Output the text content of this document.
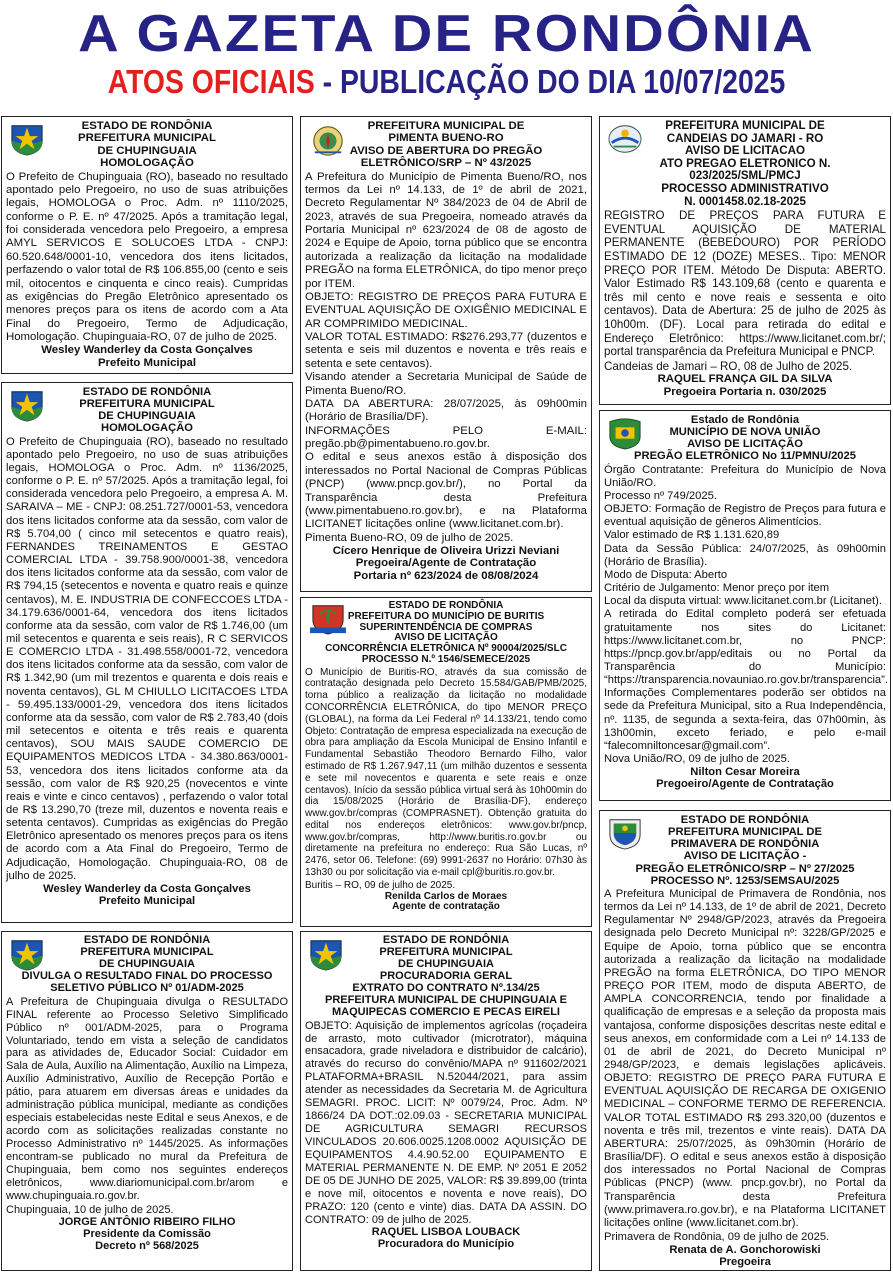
A GAZETA DE RONDÔNIA
ATOS OFICIAIS - PUBLICAÇÃO DO DIA 10/07/2025
ESTADO DE RONDÔNIA
PREFEITURA MUNICIPAL
DE CHUPINGUAIA
HOMOLOGAÇÃO
O Prefeito de Chupinguaia (RO), baseado no resultado apontado pelo Pregoeiro, no uso de suas atribuições legais, HOMOLOGA o Proc. Adm. nº 1110/2025, conforme o P. E. nº 47/2025. Após a tramitação legal, foi considerada vencedora pelo Pregoeiro, a empresa AMYL SERVICOS E SOLUCOES LTDA - CNPJ: 60.520.648/0001-10, vencedora dos itens licitados, perfazendo o valor total de R$ 106.855,00 (cento e seis mil, oitocentos e cinquenta e cinco reais). Cumpridas as exigências do Pregão Eletrônico apresentado os menores preços para os itens de acordo com a Ata Final do Pregoeiro, Termo de Adjudicação, Homologação. Chupinguaia-RO, 07 de julho de 2025.
Wesley Wanderley da Costa Gonçalves
Prefeito Municipal
ESTADO DE RONDÔNIA
PREFEITURA MUNICIPAL
DE CHUPINGUAIA
HOMOLOGAÇÃO
O Prefeito de Chupinguaia (RO), baseado no resultado apontado pelo Pregoeiro, no uso de suas atribuições legais, HOMOLOGA o Proc. Adm. nº 1136/2025, conforme o P. E. nº 57/2025. Após a tramitação legal, foi considerada vencedora pelo Pregoeiro, a empresa A. M. SARAIVA – ME - CNPJ: 08.251.727/0001-53, vencedora dos itens licitados conforme ata da sessão, com valor de R$ 5.704,00 ( cinco mil setecentos e quatro reais), FERNANDES TREINAMENTOS E GESTAO COMERCIAL LTDA - 39.758.900/0001-38, vencedora dos itens licitados conforme ata da sessão, com valor de R$ 794,15 (setecentos e noventa e quatro reais e quinze centavos), M. E. INDUSTRIA DE CONFECCOES LTDA - 34.179.636/0001-64, vencedora dos itens licitados conforme ata da sessão, com valor de R$ 1.746,00 (um mil setecentos e quarenta e seis reais), R C SERVICOS E COMERCIO LTDA - 31.498.558/0001-72, vencedora dos itens licitados conforme ata da sessão, com valor de R$ 1.342,90 (um mil trezentos e quarenta e dois reais e noventa centavos), GL M CHIULLO LICITACOES LTDA - 59.495.133/0001-29, vencedora dos itens licitados conforme ata da sessão, com valor de R$ 2.783,40 (dois mil setecentos e oitenta e três reais e quarenta centavos), SOU MAIS SAUDE COMERCIO DE EQUIPAMENTOS MEDICOS LTDA - 34.380.863/0001-53, vencedora dos itens licitados conforme ata da sessão, com valor de R$ 920,25 (novecentos e vinte reais e vinte e cinco centavos) , perfazendo o valor total de R$ 13.290,70 (treze mil, duzentos e noventa reais e setenta centavos). Cumpridas as exigências do Pregão Eletrônico apresentado os menores preços para os itens de acordo com a Ata Final do Pregoeiro, Termo de Adjudicação, Homologação. Chupinguaia-RO, 08 de julho de 2025.
Wesley Wanderley da Costa Gonçalves
Prefeito Municipal
ESTADO DE RONDÔNIA
PREFEITURA MUNICIPAL
DE CHUPINGUAIA
DIVULGA O RESULTADO FINAL DO PROCESSO
SELETIVO PÚBLICO Nº 01/ADM-2025
A Prefeitura de Chupinguaia divulga o RESULTADO FINAL referente ao Processo Seletivo Simplificado Público nº 001/ADM-2025, para o Programa Voluntariado, tendo em vista a seleção de candidatos para as atividades de, Educador Social: Cuidador em Sala de Aula, Auxílio na Alimentação, Auxílio na Limpeza, Auxílio Administrativo, Auxílio de Recepção Portão e pátio, para atuarem em diversas áreas e unidades da administração pública municipal, mediante as condições especiais estabelecidas neste Edital e seus Anexos, e de acordo com as solicitações realizadas constante no Processo Administrativo nº 1445/2025. As informações encontram-se publicado no mural da Prefeitura de Chupinguaia, bem como nos seguintes endereços eletrônicos, www.diariomunicipal.com.br/arom e www.chupinguaia.ro.gov.br.
Chupinguaia, 10 de julho de 2025.
JORGE ANTÔNIO RIBEIRO FILHO
Presidente da Comissão
Decreto nº 568/2025
PREFEITURA MUNICIPAL DE
PIMENTA BUENO-RO
AVISO DE ABERTURA DO PREGÃO
ELETRÔNICO/SRP – Nº 43/2025

A Prefeitura do Município de Pimenta Bueno/RO, nos termos da Lei nº 14.133, de 1º de abril de 2021, Decreto Regulamentar Nº 384/2023 de 04 de Abril de 2023, através de sua Pregoeira, nomeado através da Portaria Municipal nº 623/2024 de 08 de agosto de 2024 e Equipe de Apoio, torna público que se encontra autorizada a realização da licitação na modalidade PREGÃO na forma ELETRÔNICA, do tipo menor preço por ITEM.

OBJETO: REGISTRO DE PREÇOS PARA FUTURA E EVENTUAL AQUISIÇÃO DE OXIGÊNIO MEDICINAL E AR COMPRIMIDO MEDICINAL.

VALOR TOTAL ESTIMADO: R$276.293,77 (duzentos e setenta e seis mil duzentos e noventa e três reais e setenta e sete centavos).

Visando atender a Secretaria Municipal de Saúde de Pimenta Bueno/RO.

DATA DA ABERTURA: 28/07/2025, às 09h00min (Horário de Brasília/DF).

INFORMAÇÕES PELO E-MAIL: pregão.pb@pimentabueno.ro.gov.br.

O edital e seus anexos estão à disposição dos interessados no Portal Nacional de Compras Públicas (PNCP) (www.pncp.gov.br/), no Portal da Transparência desta Prefeitura (www.pimentabueno.ro.gov.br), e na Plataforma LICITANET licitações online (www.licitanet.com.br).

Pimenta Bueno-RO, 09 de julho de 2025.

Cícero Henrique de Oliveira Urizzi Neviani
Pregoeira/Agente de Contratação
Portaria nº 623/2024 de 08/08/2024
ESTADO DE RONDÔNIA
PREFEITURA DO MUNICÍPIO DE BURITIS
SUPERINTENDÊNCIA DE COMPRAS
AVISO DE LICITAÇÃO
CONCORRÊNCIA ELETRÔNICA Nº 90004/2025/SLC
PROCESSO N.º 1546/SEMECE/2025
O Município de Buritis-RO, através da sua comissão de contratação designada pelo Decreto 15.584/GAB/PMB/2025, torna público a realização da licitação no modalidade CONCORRÊNCIA ELETRÔNICA, do tipo MENOR PREÇO (GLOBAL), na forma da Lei Federal nº 14.133/21, tendo como Objeto: Contratação de empresa especializada na execução de obra para ampliação da Escola Municipal de Ensino Infantil e Fundamental Sebastião Theodoro Bernardo Filho, valor estimado de R$ 1.267.947,11 (um milhão duzentos e sessenta e sete mil novecentos e quarenta e sete reais e onze centavos). Início da sessão pública virtual será às 10h00min do dia 15/08/2025 (Horário de Brasília-DF), endereço www.gov.br/compras (COMPRASNET). Obtenção gratuita do edital nos endereços eletrônicos: www.gov.br/pncp, www.gov.br/compras, http://www.buritis.ro.gov.br ou diretamente na prefeitura no endereço: Rua São Lucas, nº 2476, setor 06. Telefone: (69) 9991-2637 no Horário: 07h30 às 13h30 ou por solicitação via e-mail cpl@buritis.ro.gov.br.
Buritis – RO, 09 de julho de 2025.
Renilda Carlos de Moraes
Agente de contratação
ESTADO DE RONDÔNIA
PREFEITURA MUNICIPAL
DE CHUPINGUAIA
PROCURADORIA GERAL
EXTRATO DO CONTRATO Nº.134/25
PREFEITURA MUNICIPAL DE CHUPINGUAIA E
MAQUIPECAS COMERCIO E PECAS EIRELI
OBJETO: Aquisição de implementos agrícolas (roçadeira de arrasto, moto cultivador (microtrator), máquina ensacadora, grade niveladora e distribuidor de calcário), através do recurso do convênio/MAPA nº 911602/2021 PLATAFORMA+BRASIL N.52044/2021, para assim atender as necessidades da Secretaria M. de Agricultura SEMAGRI. PROC. LICIT: Nº 0079/24, Proc. Adm. Nº 1866/24 DA DOT.:02.09.03 - SECRETARIA MUNICIPAL DE AGRICULTURA SEMAGRI RECURSOS VINCULADOS 20.606.0025.1208.0002 AQUISIÇÃO DE EQUIPAMENTOS 4.4.90.52.00 EQUIPAMENTO E MATERIAL PERMANENTE N. DE EMP. Nº 2051 E 2052 DE 05 DE JUNHO DE 2025, VALOR: R$ 39.899,00 (trinta e nove mil, oitocentos e noventa e nove reais), DO PRAZO: 120 (cento e vinte) dias. DATA DA ASSIN. DO CONTRATO: 09 de julho de 2025.
RAQUEL LISBOA LOUBACK
Procuradora do Município
PREFEITURA MUNICIPAL DE
CANDEIAS DO JAMARI - RO
AVISO DE LICITACAO
ATO PREGAO ELETRONICO N.
023/2025/SML/PMCJ
PROCESSO ADMINISTRATIVO
N. 0001458.02.18-2025
REGISTRO DE PREÇOS PARA FUTURA E EVENTUAL AQUISIÇÃO DE MATERIAL PERMANENTE (BEBEDOURO) POR PERÍODO ESTIMADO DE 12 (DOZE) MESES.. Tipo: MENOR PREÇO POR ITEM. Método De Disputa: ABERTO. Valor Estimado R$ 143.109,68 (cento e quarenta e três mil cento e nove reais e sessenta e oito centavos). Data de Abertura: 25 de julho de 2025 às 10h00m. (DF). Local para retirada do edital e Endereço Eletrônico: https://www.licitanet.com.br/; portal transparência da Prefeitura Municipal e PNCP.
Candeias de Jamari – RO, 08 de Julho de 2025.
RAQUEL FRANÇA GIL DA SILVA
Pregoeira Portaria n. 030/2025
Estado de Rondônia
MUNICÍPIO DE NOVA UNIÃO
AVISO DE LICITAÇÃO
PREGÃO ELETRÔNICO No 11/PMNU/2025

Órgão Contratante: Prefeitura do Município de Nova União/RO.

Processo nº 749/2025.

OBJETO: Formação de Registro de Preços para futura e eventual aquisição de gêneros Alimentícios.

Valor estimado de R$ 1.131.620,89

Data da Sessão Pública: 24/07/2025, às 09h00min (Horário de Brasília).

Modo de Disputa: Aberto

Critério de Julgamento: Menor preço por item

Local da disputa virtual: www.licitanet.com.br (Licitanet).

A retirada do Edital completo poderá ser efetuada gratuitamente nos sites do Licitanet: https://www.licitanet.com.br, no PNCP: https://pncp.gov.br/app/editais ou no Portal da Transparência do Município: “https://transparencia.novauniao.ro.gov.br/transparencia”.

Informações Complementares poderão ser obtidos na sede da Prefeitura Municipal, sito a Rua Independência, nº. 1135, de segunda a sexta-feira, das 07h00min, às 13h00min, exceto feriado, e pelo e-mail “falecomniltoncesar@gmail.com”.

Nova União/RO, 09 de julho de 2025.

Nilton Cesar Moreira
Pregoeiro/Agente de Contratação
ESTADO DE RONDÔNIA
PREFEITURA MUNICIPAL DE
PRIMAVERA DE RONDÔNIA
AVISO DE LICITAÇÃO -
PREGÃO ELETRÔNICO/SRP – Nº 27/2025
PROCESSO Nº. 1253/SEMSAU/2025
A Prefeitura Municipal de Primavera de Rondônia, nos termos da Lei nº 14.133, de 1º de abril de 2021, Decreto Regulamentar Nº 2948/GP/2023, através da Pregoeira designada pelo Decreto Municipal nº: 3228/GP/2025 e Equipe de Apoio, torna público que se encontra autorizada a realização da licitação na modalidade PREGÃO na forma ELETRÔNICA, DO TIPO MENOR PREÇO POR ITEM, modo de disputa ABERTO, de AMPLA CONCORRENCIA, tendo por finalidade a qualificação de empresas e a seleção da proposta mais vantajosa, conforme disposições descritas neste edital e seus anexos, em conformidade com a Lei nº 14.133 de 01 de abril de 2021, do Decreto Municipal nº 2948/GP/2023, e demais legislações aplicáveis. OBJETO: REGISTRO DE PREÇO PARA FUTURA E EVENTUAL AQUISIÇÃO DE RECARGA DE OXIGENIO MEDICINAL – CONFORME TERMO DE REFERENCIA. VALOR TOTAL ESTIMADO R$ 293.320,00 (duzentos e noventa e três mil, trezentos e vinte reais). DATA DA ABERTURA: 25/07/2025, às 09h30min (Horário de Brasília/DF). O edital e seus anexos estão à disposição dos interessados no Portal Nacional de Compras Públicas (PNCP) (www. pncp.gov.br), no Portal da Transparência desta Prefeitura (www.primavera.ro.gov.br), e na Plataforma LICITANET licitações online (www.licitanet.com.br).
Primavera de Rondônia, 09 de julho de 2025.
Renata de A. Gonchorowiski
Pregoeira
